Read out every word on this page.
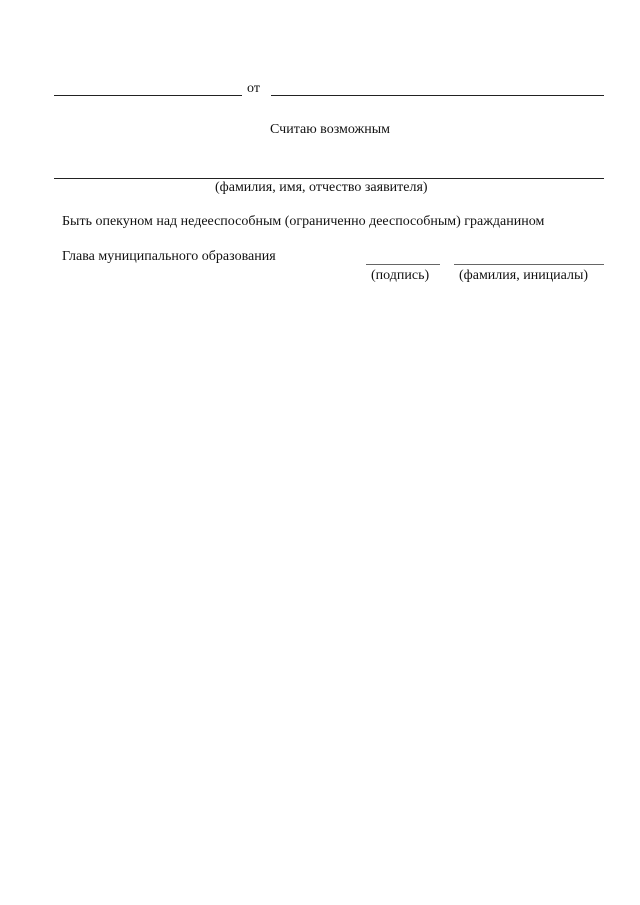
от
Считаю возможным
(фамилия, имя, отчество заявителя)
Быть опекуном над недееспособным (ограниченно дееспособным) гражданином
Глава муниципального образования
(подпись) (фамилия, инициалы)
